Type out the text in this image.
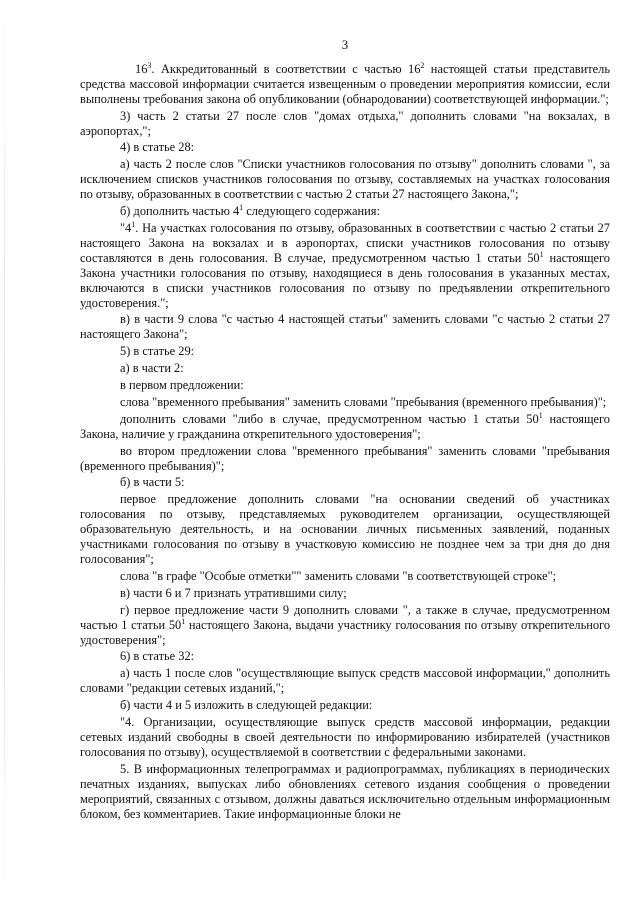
3

$16^3$. Аккредитованный в соответствии с частью $16^2$ настоящей статьи представитель средства массовой информации считается извещенным о проведении мероприятия комиссии, если выполнены требования закона об опубликовании (обнародовании) соответствующей информации.";

3) часть 2 статьи 27 после слов "домах отдыха," дополнить словами "на вокзалах, в аэропортах,";

4) в статье 28:

а) часть 2 после слов "Списки участников голосования по отзыву" дополнить словами ", за исключением списков участников голосования по отзыву, составляемых на участках голосования по отзыву, образованных в соответствии с частью 2 статьи 27 настоящего Закона,";

б) дополнить частью $4^1$ следующего содержания:

"$4^1$. На участках голосования по отзыву, образованных в соответствии с частью 2 статьи 27 настоящего Закона на вокзалах и в аэропортах, списки участников голосования по отзыву составляются в день голосования. В случае, предусмотренном частью 1 статьи $50^1$ настоящего Закона участники голосования по отзыву, находящиеся в день голосования в указанных местах, включаются в списки участников голосования по отзыву по предъявлении открепительного удостоверения.";

в) в части 9 слова "с частью 4 настоящей статьи" заменить словами "с частью 2 статьи 27 настоящего Закона";

5) в статье 29:

а) в части 2:

в первом предложении:

слова "временного пребывания" заменить словами "пребывания (временного пребывания)";

дополнить словами "либо в случае, предусмотренном частью 1 статьи $50^1$ настоящего Закона, наличие у гражданина открепительного удостоверения";

во втором предложении слова "временного пребывания" заменить словами "пребывания (временного пребывания)";

б) в части 5:

первое предложение дополнить словами "на основании сведений об участниках голосования по отзыву, представляемых руководителем организации, осуществляющей образовательную деятельность, и на основании личных письменных заявлений, поданных участниками голосования по отзыву в участковую комиссию не позднее чем за три дня до дня голосования";

слова "в графе "Особые отметки"" заменить словами "в соответствующей строке";

в) части 6 и 7 признать утратившими силу;

г) первое предложение части 9 дополнить словами ", а также в случае, предусмотренном частью 1 статьи $50^1$ настоящего Закона, выдачи участнику голосования по отзыву открепительного удостоверения";

6) в статье 32:

а) часть 1 после слов "осуществляющие выпуск средств массовой информации," дополнить словами "редакции сетевых изданий,";

б) части 4 и 5 изложить в следующей редакции:

"4. Организации, осуществляющие выпуск средств массовой информации, редакции сетевых изданий свободны в своей деятельности по информированию избирателей (участников голосования по отзыву), осуществляемой в соответствии с федеральными законами.

5. В информационных телепрограммах и радиопрограммах, публикациях в периодических печатных изданиях, выпусках либо обновлениях сетевого издания сообщения о проведении мероприятий, связанных с отзывом, должны даваться исключительно отдельным информационным блоком, без комментариев. Такие информационные блоки не
